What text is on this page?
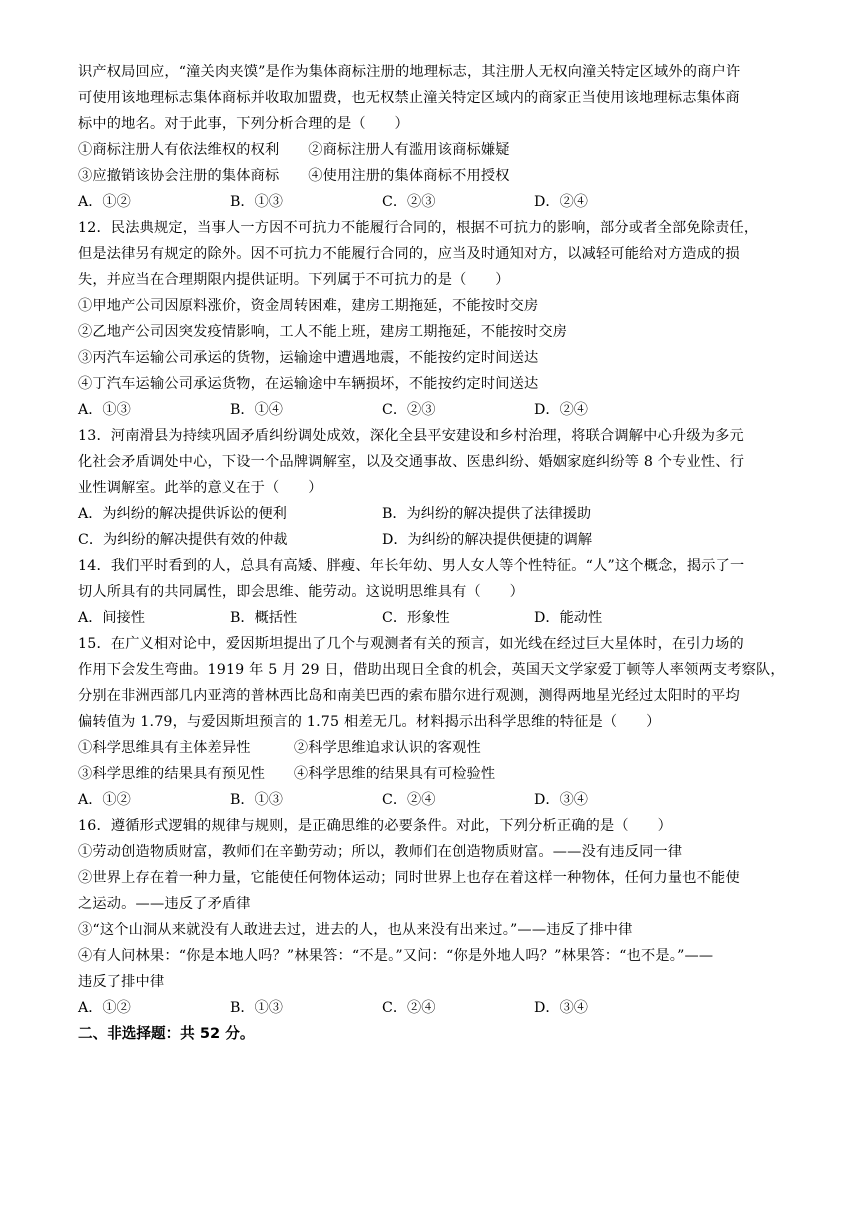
识产权局回应，“潼关肉夹馍”是作为集体商标注册的地理标志，其注册人无权向潼关特定区域外的商户许
可使用该地理标志集体商标并收取加盟费，也无权禁止潼关特定区域内的商家正当使用该地理标志集体商
标中的地名。对于此事，下列分析合理的是（　　）
①商标注册人有依法维权的权利　　②商标注册人有滥用该商标嫌疑
③应撤销该协会注册的集体商标　　④使用注册的集体商标不用授权
A．①②	B．①③	C．②③	D．②④
12．民法典规定，当事人一方因不可抗力不能履行合同的，根据不可抗力的影响，部分或者全部免除责任，
但是法律另有规定的除外。因不可抗力不能履行合同的，应当及时通知对方，以减轻可能给对方造成的损
失，并应当在合理期限内提供证明。下列属于不可抗力的是（　　）
①甲地产公司因原料涨价，资金周转困难，建房工期拖延，不能按时交房
②乙地产公司因突发疫情影响，工人不能上班，建房工期拖延，不能按时交房
③丙汽车运输公司承运的货物，运输途中遭遇地震，不能按约定时间送达
④丁汽车运输公司承运货物，在运输途中车辆损坏，不能按约定时间送达
A．①③	B．①④	C．②③	D．②④
13．河南滑县为持续巩固矛盾纠纷调处成效，深化全县平安建设和乡村治理，将联合调解中心升级为多元
化社会矛盾调处中心，下设一个品牌调解室，以及交通事故、医患纠纷、婚姻家庭纠纷等 8 个专业性、行
业性调解室。此举的意义在于（　　）
A．为纠纷的解决提供诉讼的便利	B．为纠纷的解决提供了法律援助
C．为纠纷的解决提供有效的仲裁	D．为纠纷的解决提供便捷的调解
14．我们平时看到的人，总具有高矮、胖瘦、年长年幼、男人女人等个性特征。“人”这个概念，揭示了一
切人所具有的共同属性，即会思维、能劳动。这说明思维具有（　　）
A．间接性	B．概括性	C．形象性	D．能动性
15．在广义相对论中，爱因斯坦提出了几个与观测者有关的预言，如光线在经过巨大星体时，在引力场的
作用下会发生弯曲。1919 年 5 月 29 日，借助出现日全食的机会，英国天文学家爱丁顿等人率领两支考察队，
分别在非洲西部几内亚湾的普林西比岛和南美巴西的索布腊尔进行观测，测得两地星光经过太阳时的平均
偏转值为 1.79，与爱因斯坦预言的 1.75 相差无几。材料揭示出科学思维的特征是（　　）
①科学思维具有主体差异性　　　②科学思维追求认识的客观性
③科学思维的结果具有预见性　　④科学思维的结果具有可检验性
A．①②	B．①③	C．②④	D．③④
16．遵循形式逻辑的规律与规则，是正确思维的必要条件。对此，下列分析正确的是（　　）
①劳动创造物质财富，教师们在辛勤劳动；所以，教师们在创造物质财富。——没有违反同一律
②世界上存在着一种力量，它能使任何物体运动；同时世界上也存在着这样一种物体，任何力量也不能使
之运动。——违反了矛盾律
③“这个山洞从来就没有人敢进去过，进去的人，也从来没有出来过。”——违反了排中律
④有人问林果：“你是本地人吗？”林果答：“不是。”又问：“你是外地人吗？”林果答：“也不是。”——
违反了排中律
A．①②	B．①③	C．②④	D．③④
二、非选择题：共 52 分。
